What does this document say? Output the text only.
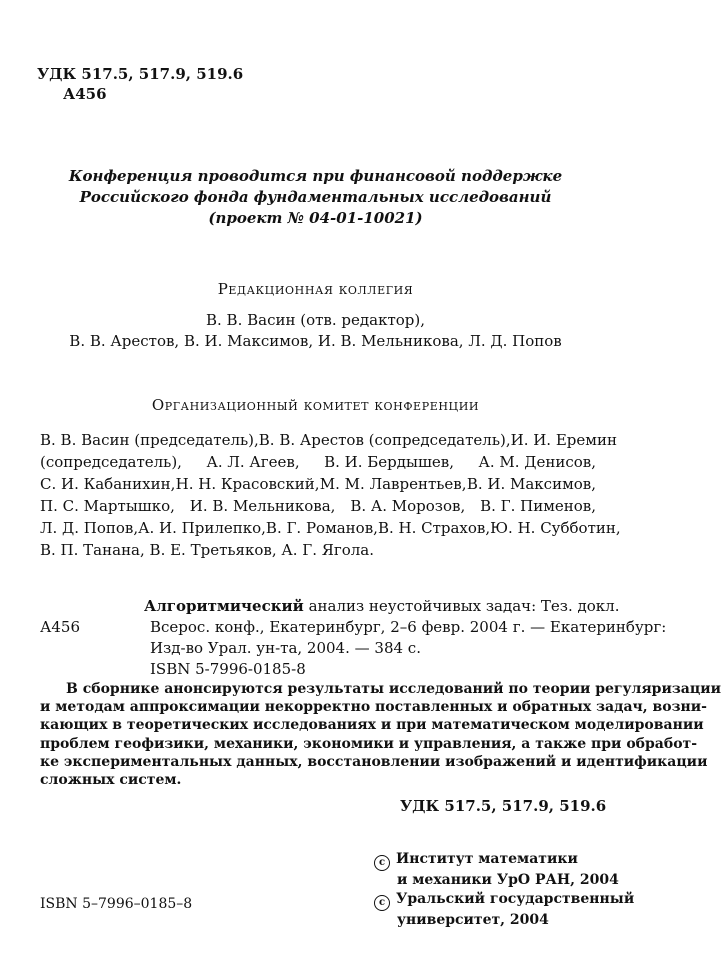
УДК 517.5, 517.9, 519.6
А456
Конференция проводится при финансовой поддержке
Российского фонда фундаментальных исследований
(проект № 04-01-10021)
Редакционная коллегия
В. В. Васин (отв. редактор),
В. В. Арестов, В. И. Максимов, И. В. Мельникова, Л. Д. Попов
Организационный комитет конференции
В. В. Васин (председатель), В. В. Арестов (сопредседатель), И. И. Еремин
(сопредседатель), А. Л. Агеев, В. И. Бердышев, А. М. Денисов,
С. И. Кабанихин, Н. Н. Красовский, М. М. Лаврентьев, В. И. Максимов,
П. С. Мартышко, И. В. Мельникова, В. А. Морозов, В. Г. Пименов,
Л. Д. Попов, А. И. Прилепко, В. Г. Романов, В. Н. Страхов, Ю. Н. Субботин,
В. П. Танана, В. Е. Третьяков, А. Г. Ягола.
Алгоритмический анализ неустойчивых задач: Тез. докл.
А456	Всерос. конф., Екатеринбург, 2–6 февр. 2004 г. — Екатеринбург:
Изд-во Урал. ун-та, 2004. — 384 с.
ISBN 5-7996-0185-8
В сборнике анонсируются результаты исследований по теории регуляризации
и методам аппроксимации некорректно поставленных и обратных задач, возни-
кающих в теоретических исследованиях и при математическом моделировании
проблем геофизики, механики, экономики и управления, а также при обработ-
ке экспериментальных данных, восстановлении изображений и идентификации
сложных систем.
УДК 517.5, 517.9, 519.6
c Институт математики
и механики УрО РАН, 2004
c Уральский государственный
университет, 2004
ISBN 5–7996–0185–8
